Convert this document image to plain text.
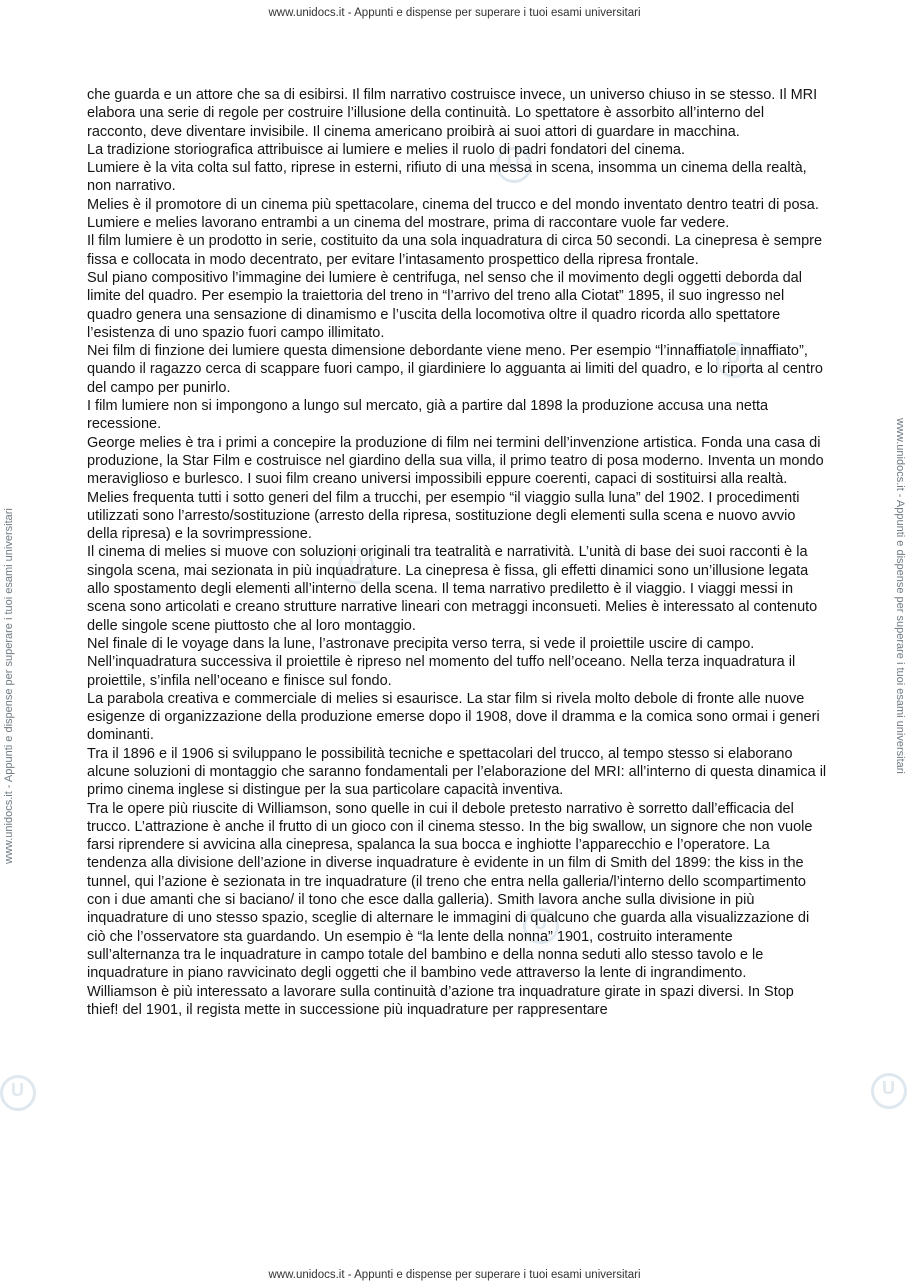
U
U
U
U
U
U
www.unidocs.it - Appunti e dispense per superare i tuoi esami universitari
www.unidocs.it - Appunti e dispense per superare i tuoi esami universitari	www.unidocs.it - Appunti e dispense per superare i tuoi esami universitari

che guarda e un attore che sa di esibirsi. Il film narrativo costruisce invece, un universo chiuso in se stesso. Il MRI elabora una serie di regole per costruire l’illusione della continuità. Lo spettatore è assorbito all’interno del racconto, deve diventare invisibile. Il cinema americano proibirà ai suoi attori di guardare in macchina.

La tradizione storiografica attribuisce ai lumiere e melies il ruolo di padri fondatori del cinema.

Lumiere è la vita colta sul fatto, riprese in esterni, rifiuto di una messa in scena, insomma un cinema della realtà, non narrativo.

Melies è il promotore di un cinema più spettacolare, cinema del trucco e del mondo inventato dentro teatri di posa.

Lumiere e melies lavorano entrambi a un cinema del mostrare, prima di raccontare vuole far vedere.

Il film lumiere è un prodotto in serie, costituito da una sola inquadratura di circa 50 secondi. La cinepresa è sempre fissa e collocata in modo decentrato, per evitare l’intasamento prospettico della ripresa frontale.

Sul piano compositivo l’immagine dei lumiere è centrifuga, nel senso che il movimento degli oggetti deborda dal limite del quadro. Per esempio la traiettoria del treno in “l’arrivo del treno alla Ciotat” 1895, il suo ingresso nel quadro genera una sensazione di dinamismo e l’uscita della locomotiva oltre il quadro ricorda allo spettatore l’esistenza di uno spazio fuori campo illimitato.

Nei film di finzione dei lumiere questa dimensione debordante viene meno. Per esempio “l’innaffiatole innaffiato”, quando il ragazzo cerca di scappare fuori campo, il giardiniere lo agguanta ai limiti del quadro, e lo riporta al centro del campo per punirlo.

I film lumiere non si impongono a lungo sul mercato, già a partire dal 1898 la produzione accusa una netta recessione.

George melies è tra i primi a concepire la produzione di film nei termini dell’invenzione artistica. Fonda una casa di produzione, la Star Film e costruisce nel giardino della sua villa, il primo teatro di posa moderno. Inventa un mondo meraviglioso e burlesco. I suoi film creano universi impossibili eppure coerenti, capaci di sostituirsi alla realtà.

Melies frequenta tutti i sotto generi del film a trucchi, per esempio “il viaggio sulla luna” del 1902. I procedimenti utilizzati sono l’arresto/sostituzione (arresto della ripresa, sostituzione degli elementi sulla scena e nuovo avvio della ripresa) e la sovrimpressione.

Il cinema di melies si muove con soluzioni originali tra teatralità e narratività. L’unità di base dei suoi racconti è la singola scena, mai sezionata in più inquadrature. La cinepresa è fissa, gli effetti dinamici sono un’illusione legata allo spostamento degli elementi all’interno della scena. Il tema narrativo prediletto è il viaggio. I viaggi messi in scena sono articolati e creano strutture narrative lineari con metraggi inconsueti. Melies è interessato al contenuto delle singole scene piuttosto che al loro montaggio.

Nel finale di le voyage dans la lune, l’astronave precipita verso terra, si vede il proiettile uscire di campo. Nell’inquadratura successiva il proiettile è ripreso nel momento del tuffo nell’oceano. Nella terza inquadratura il proiettile, s’infila nell’oceano e finisce sul fondo.

La parabola creativa e commerciale di melies si esaurisce. La star film si rivela molto debole di fronte alle nuove esigenze di organizzazione della produzione emerse dopo il 1908, dove il dramma e la comica sono ormai i generi dominanti.

Tra il 1896 e il 1906 si sviluppano le possibilità tecniche e spettacolari del trucco, al tempo stesso si elaborano alcune soluzioni di montaggio che saranno fondamentali per l’elaborazione del MRI: all’interno di questa dinamica il primo cinema inglese si distingue per la sua particolare capacità inventiva.

Tra le opere più riuscite di Williamson, sono quelle in cui il debole pretesto narrativo è sorretto dall’efficacia del trucco. L’attrazione è anche il frutto di un gioco con il cinema stesso. In the big swallow, un signore che non vuole farsi riprendere si avvicina alla cinepresa, spalanca la sua bocca e inghiotte l’apparecchio e l’operatore. La tendenza alla divisione dell’azione in diverse inquadrature è evidente in un film di Smith del 1899: the kiss in the tunnel, qui l’azione è sezionata in tre inquadrature (il treno che entra nella galleria/l’interno dello scompartimento con i due amanti che si baciano/ il tono che esce dalla galleria). Smith lavora anche sulla divisione in più inquadrature di uno stesso spazio, sceglie di alternare le immagini di qualcuno che guarda alla visualizzazione di ciò che l’osservatore sta guardando. Un esempio è “la lente della nonna” 1901, costruito interamente sull’alternanza tra le inquadrature in campo totale del bambino e della nonna seduti allo stesso tavolo e le inquadrature in piano ravvicinato degli oggetti che il bambino vede attraverso la lente di ingrandimento.

Williamson è più interessato a lavorare sulla continuità d’azione tra inquadrature girate in spazi diversi. In Stop thief! del 1901, il regista mette in successione più inquadrature per rappresentare

www.unidocs.it - Appunti e dispense per superare i tuoi esami universitari
